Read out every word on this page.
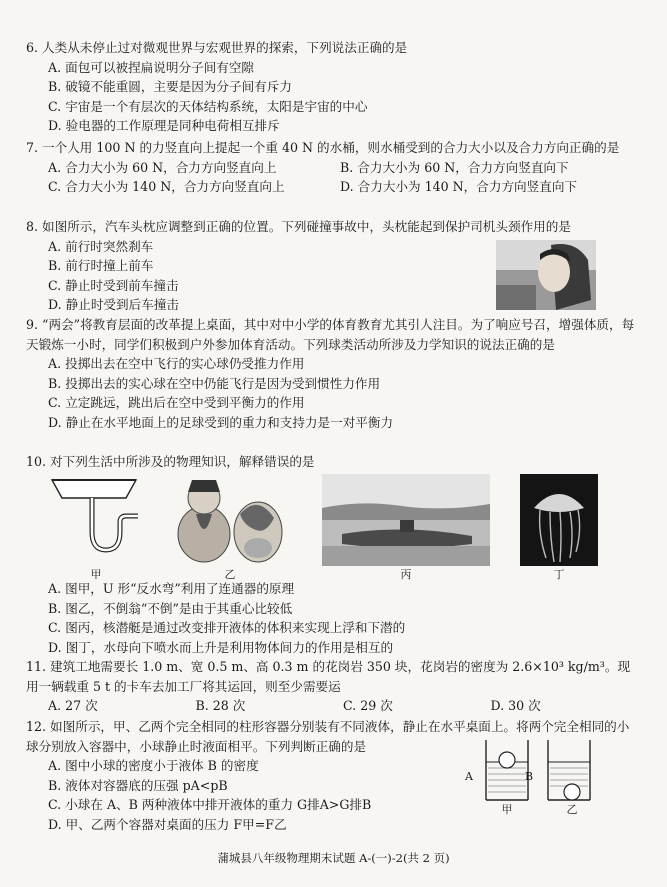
6. 人类从未停止过对微观世界与宏观世界的探索，下列说法正确的是
A. 面包可以被捏扁说明分子间有空隙
B. 破镜不能重圆，主要是因为分子间有斥力
C. 宇宙是一个有层次的天体结构系统，太阳是宇宙的中心
D. 验电器的工作原理是同种电荷相互排斥
7. 一个人用 100 N 的力竖直向上提起一个重 40 N 的水桶，则水桶受到的合力大小以及合力方向正确的是
A. 合力大小为 60 N，合力方向竖直向上	B. 合力大小为 60 N，合力方向竖直向下
C. 合力大小为 140 N，合力方向竖直向上	D. 合力大小为 140 N，合力方向竖直向下
8. 如图所示，汽车头枕应调整到正确的位置。下列碰撞事故中，头枕能起到保护司机头颈作用的是
A. 前行时突然刹车
B. 前行时撞上前车
C. 静止时受到前车撞击
D. 静止时受到后车撞击
9. “两会”将教育层面的改革提上桌面，其中对中小学的体育教育尤其引人注目。为了响应号召，增强体质，每天锻炼一小时，同学们积极到户外参加体育活动。下列球类活动所涉及力学知识的说法正确的是
A. 投掷出去在空中飞行的实心球仍受推力作用
B. 投掷出去的实心球在空中仍能飞行是因为受到惯性力作用
C. 立定跳远，跳出后在空中受到平衡力的作用
D. 静止在水平地面上的足球受到的重力和支持力是一对平衡力
10. 对下列生活中所涉及的物理知识，解释错误的是
甲	乙	丙	丁
A. 图甲，U 形“反水弯”利用了连通器的原理
B. 图乙，不倒翁“不倒”是由于其重心比较低
C. 图丙，核潜艇是通过改变排开液体的体积来实现上浮和下潜的
D. 图丁，水母向下喷水而上升是利用物体间力的作用是相互的
11. 建筑工地需要长 1.0 m、宽 0.5 m、高 0.3 m 的花岗岩 350 块，花岗岩的密度为 2.6×10³ kg/m³。现用一辆载重 5 t 的卡车去加工厂将其运回，则至少需要运
A. 27 次	B. 28 次	C. 29 次	D. 30 次
12. 如图所示，甲、乙两个完全相同的柱形容器分别装有不同液体，静止在水平桌面上。将两个完全相同的小球分别放入容器中，小球静止时液面相平。下列判断正确的是
A. 图中小球的密度小于液体 B 的密度
B. 液体对容器底的压强 pA<pB
C. 小球在 A、B 两种液体中排开液体的重力 G排A>G排B
D. 甲、乙两个容器对桌面的压力 F甲=F乙
A	B
甲	乙
蒲城县八年级物理期末试题 A-(一)-2(共 2 页)
